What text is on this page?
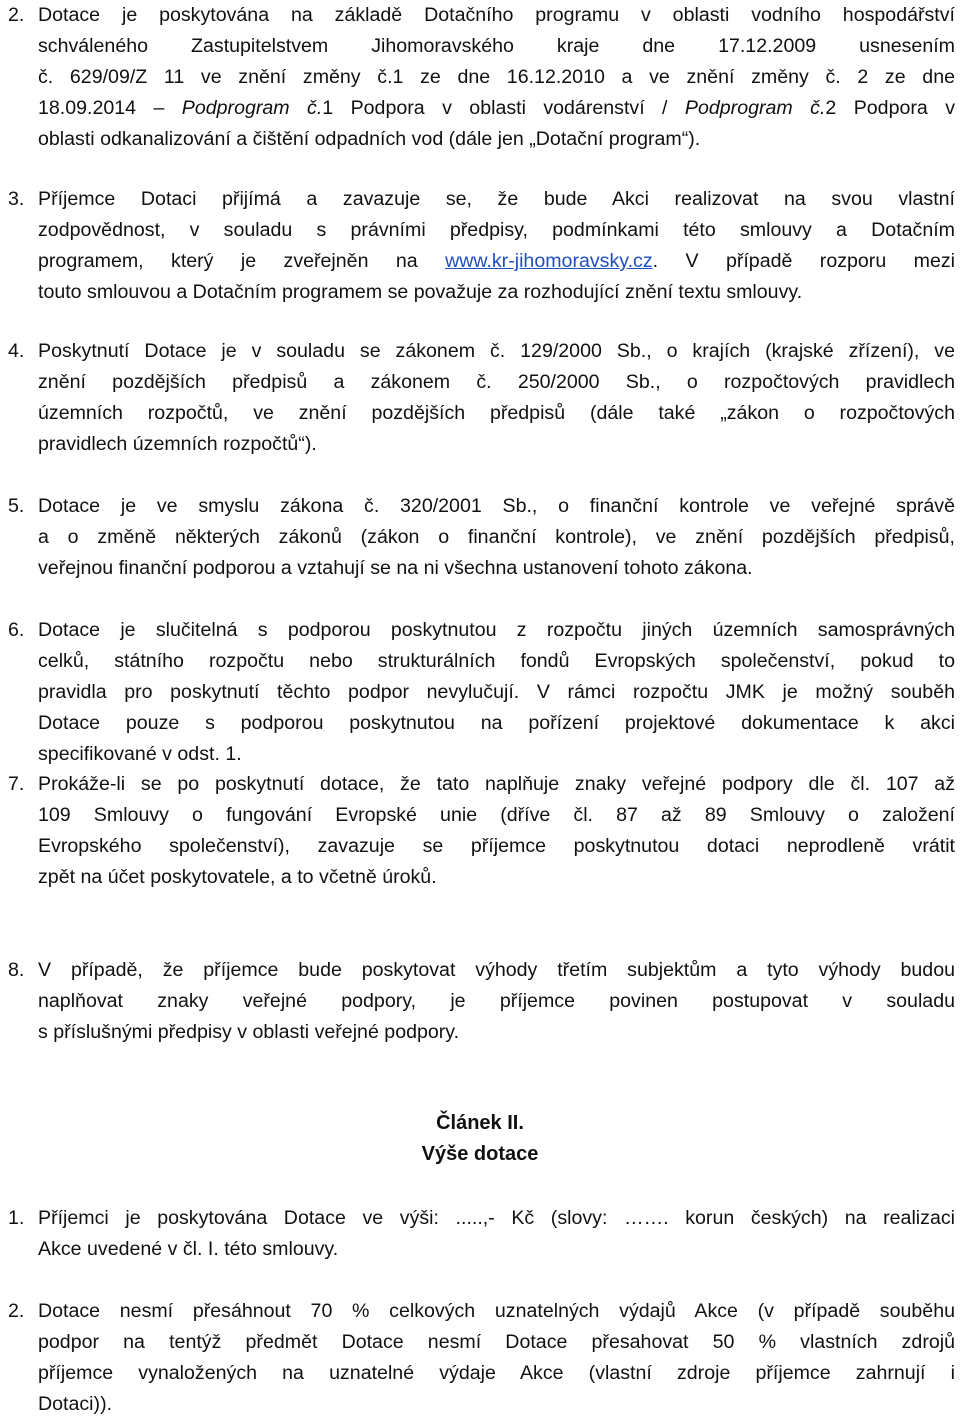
2. Dotace je poskytována na základě Dotačního programu v oblasti vodního hospodářství
schváleného Zastupitelstvem Jihomoravského kraje dne 17.12.2009 usnesením
č. 629/09/Z 11 ve znění změny č.1 ze dne 16.12.2010 a ve znění změny č. 2 ze dne
18.09.2014 – Podprogram č.1 Podpora v oblasti vodárenství / Podprogram č.2 Podpora v
oblasti odkanalizování a čištění odpadních vod (dále jen „Dotační program“).
3. Příjemce Dotaci přijímá a zavazuje se, že bude Akci realizovat na svou vlastní
zodpovědnost, v souladu s právními předpisy, podmínkami této smlouvy a Dotačním
programem, který je zveřejněn na www.kr-jihomoravsky.cz. V případě rozporu mezi
touto smlouvou a Dotačním programem se považuje za rozhodující znění textu smlouvy.
4. Poskytnutí Dotace je v souladu se zákonem č. 129/2000 Sb., o krajích (krajské zřízení), ve
znění pozdějších předpisů a zákonem č. 250/2000 Sb., o rozpočtových pravidlech
územních rozpočtů, ve znění pozdějších předpisů (dále také „zákon o rozpočtových
pravidlech územních rozpočtů“).
5. Dotace je ve smyslu zákona č. 320/2001 Sb., o finanční kontrole ve veřejné správě
a o změně některých zákonů (zákon o finanční kontrole), ve znění pozdějších předpisů,
veřejnou finanční podporou a vztahují se na ni všechna ustanovení tohoto zákona.
6. Dotace je slučitelná s podporou poskytnutou z rozpočtu jiných územních samosprávných
celků, státního rozpočtu nebo strukturálních fondů Evropských společenství, pokud to
pravidla pro poskytnutí těchto podpor nevylučují. V rámci rozpočtu JMK je možný souběh
Dotace pouze s podporou poskytnutou na pořízení projektové dokumentace k akci
specifikované v odst. 1.
7. Prokáže-li se po poskytnutí dotace, že tato naplňuje znaky veřejné podpory dle čl. 107 až
109 Smlouvy o fungování Evropské unie (dříve čl. 87 až 89 Smlouvy o založení
Evropského společenství), zavazuje se příjemce poskytnutou dotaci neprodleně vrátit
zpět na účet poskytovatele, a to včetně úroků.
8. V případě, že příjemce bude poskytovat výhody třetím subjektům a tyto výhody budou
naplňovat znaky veřejné podpory, je příjemce povinen postupovat v souladu
s příslušnými předpisy v oblasti veřejné podpory.
Článek II.
Výše dotace
1. Příjemci je poskytována Dotace ve výši: .....,- Kč (slovy: ……. korun českých) na realizaci
Akce uvedené v čl. I. této smlouvy.
2. Dotace nesmí přesáhnout 70 % celkových uznatelných výdajů Akce (v případě souběhu
podpor na tentýž předmět Dotace nesmí Dotace přesahovat 50 % vlastních zdrojů
příjemce vynaložených na uznatelné výdaje Akce (vlastní zdroje příjemce zahrnují i
Dotaci)).
